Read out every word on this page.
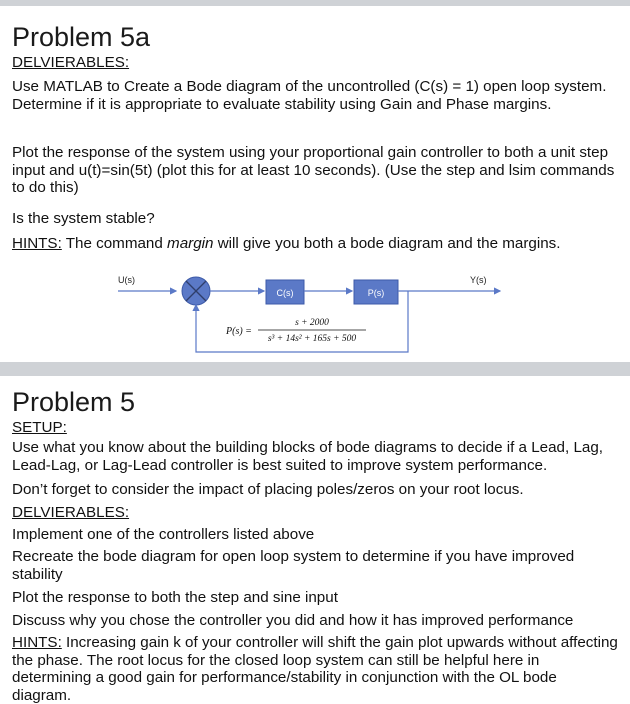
Problem 5a
DELVIERABLES:
Use MATLAB to Create a Bode diagram of the uncontrolled (C(s) = 1) open loop system. Determine if it is appropriate to evaluate stability using Gain and Phase margins.
Plot the response of the system using your proportional gain controller to both a unit step input and u(t)=sin(5t) (plot this for at least 10 seconds). (Use the step and lsim commands to do this)
Is the system stable?
HINTS: The command margin will give you both a bode diagram and the margins.
U(s)
C(s)	P(s)
Y(s)
P(s) =
s + 2000
s³ + 14s² + 165s + 500
Problem 5
SETUP:
Use what you know about the building blocks of bode diagrams to decide if a Lead, Lag, Lead-Lag, or Lag-Lead controller is best suited to improve system performance.
Don’t forget to consider the impact of placing poles/zeros on your root locus.
DELVIERABLES:
Implement one of the controllers listed above
Recreate the bode diagram for open loop system to determine if you have improved stability
Plot the response to both the step and sine input
Discuss why you chose the controller you did and how it has improved performance
HINTS: Increasing gain k of your controller will shift the gain plot upwards without affecting the phase. The root locus for the closed loop system can still be helpful here in determining a good gain for performance/stability in conjunction with the OL bode diagram.
